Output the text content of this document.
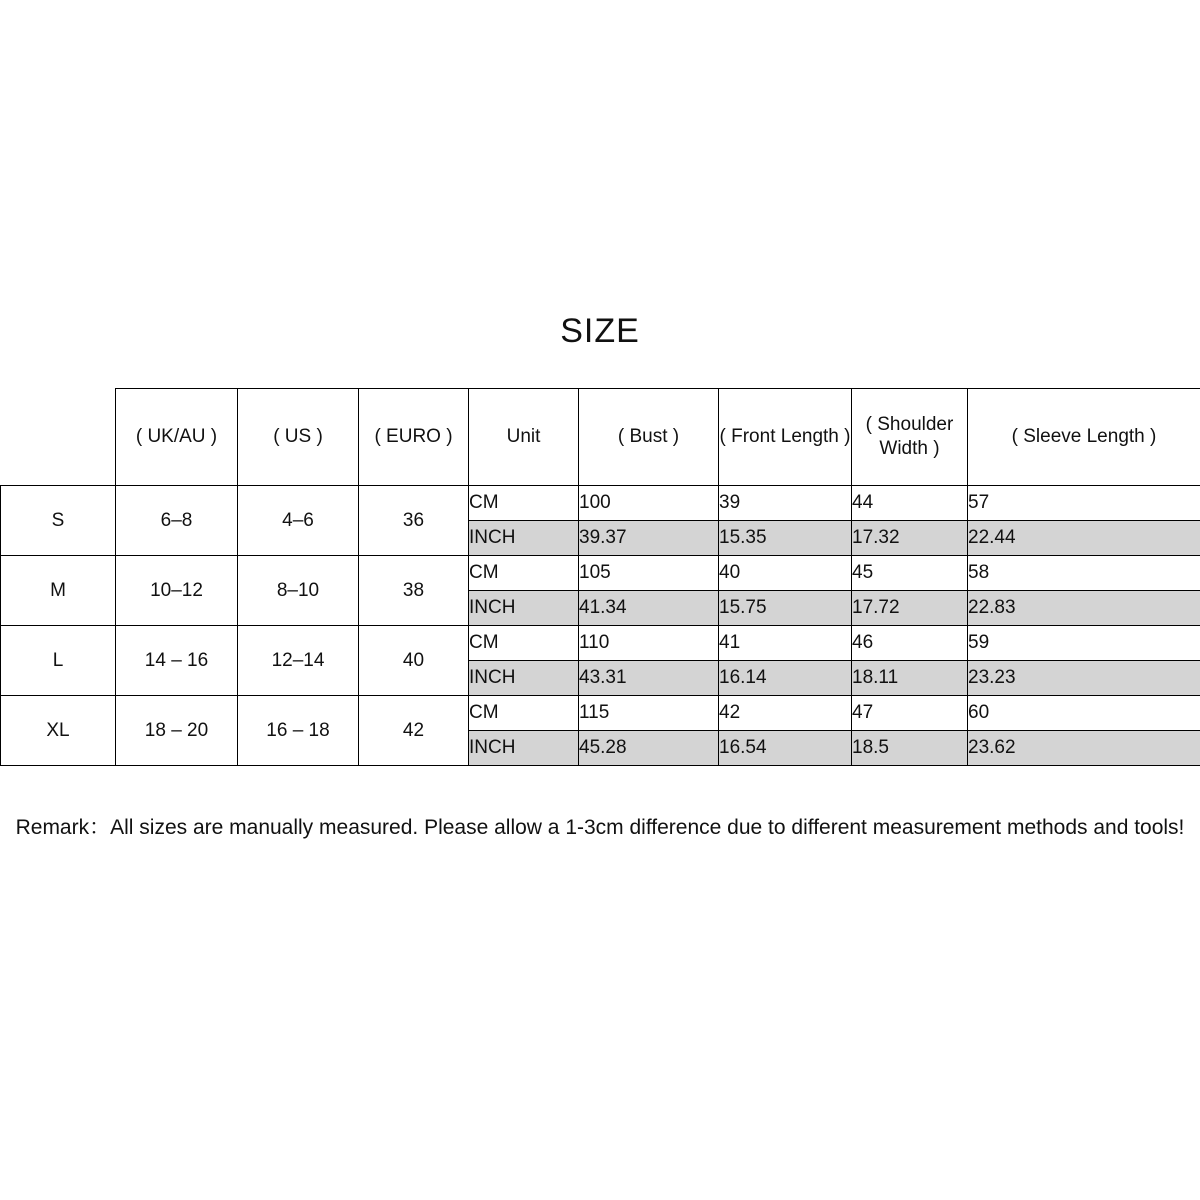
SIZE
	( UK/AU )	( US )	( EURO )	Unit	( Bust )	( Front Length )	( Shoulder Width )	( Sleeve Length )
S	6–8	4–6	36	CM	100	39	44	57
				INCH	39.37	15.35	17.32	22.44
M	10–12	8–10	38	CM	105	40	45	58
				INCH	41.34	15.75	17.72	22.83
L	14 – 16	12–14	40	CM	110	41	46	59
				INCH	43.31	16.14	18.11	23.23
XL	18 – 20	16 – 18	42	CM	115	42	47	60
				INCH	45.28	16.54	18.5	23.62
Remark：All sizes are manually measured. Please allow a 1-3cm difference due to different measurement methods and tools!
